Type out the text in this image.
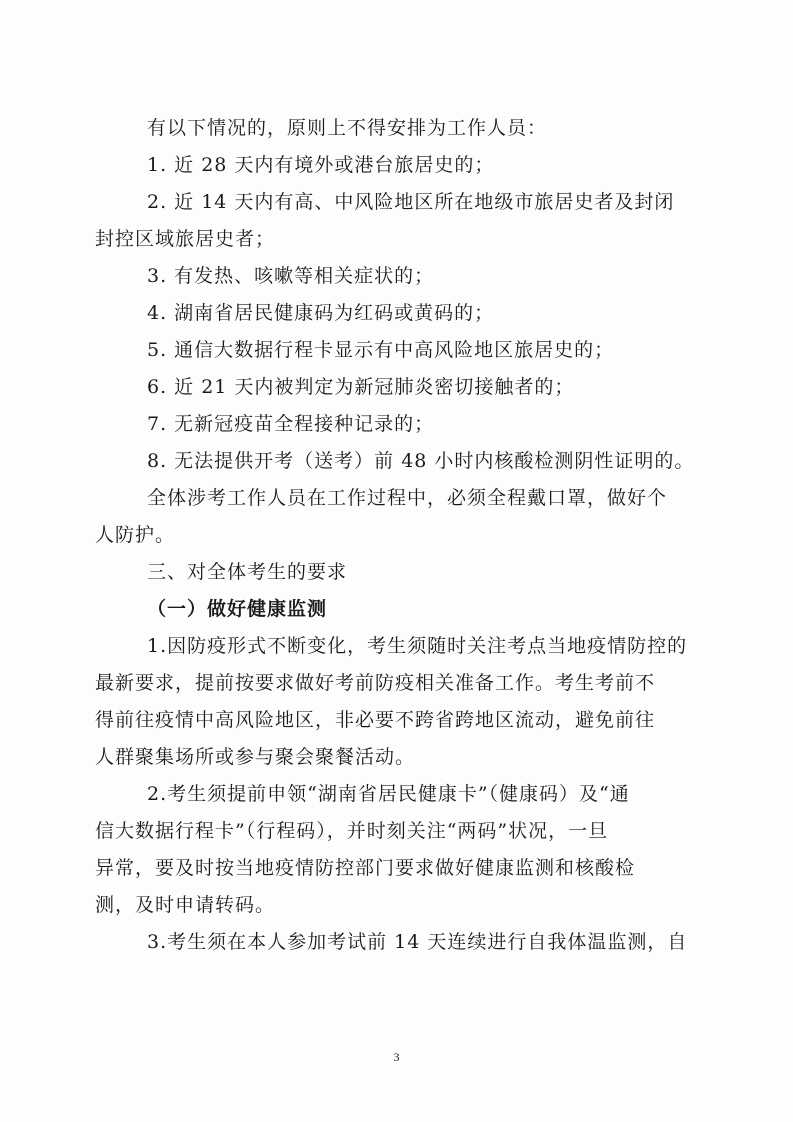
有以下情况的，原则上不得安排为工作人员：
1. 近 28 天内有境外或港台旅居史的；
2. 近 14 天内有高、中风险地区所在地级市旅居史者及封闭
封控区域旅居史者；
3. 有发热、咳嗽等相关症状的；
4. 湖南省居民健康码为红码或黄码的；
5. 通信大数据行程卡显示有中高风险地区旅居史的；
6. 近 21 天内被判定为新冠肺炎密切接触者的；
7. 无新冠疫苗全程接种记录的；
8. 无法提供开考（送考）前 48 小时内核酸检测阴性证明的。
全体涉考工作人员在工作过程中，必须全程戴口罩，做好个
人防护。
三、对全体考生的要求
（一）做好健康监测
1.因防疫形式不断变化，考生须随时关注考点当地疫情防控的
最新要求，提前按要求做好考前防疫相关准备工作。考生考前不
得前往疫情中高风险地区，非必要不跨省跨地区流动，避免前往
人群聚集场所或参与聚会聚餐活动。
2.考生须提前申领“湖南省居民健康卡”（健康码）及“通
信大数据行程卡”（行程码），并时刻关注“两码”状况，一旦
异常，要及时按当地疫情防控部门要求做好健康监测和核酸检
测，及时申请转码。
3.考生须在本人参加考试前 14 天连续进行自我体温监测，自
3
